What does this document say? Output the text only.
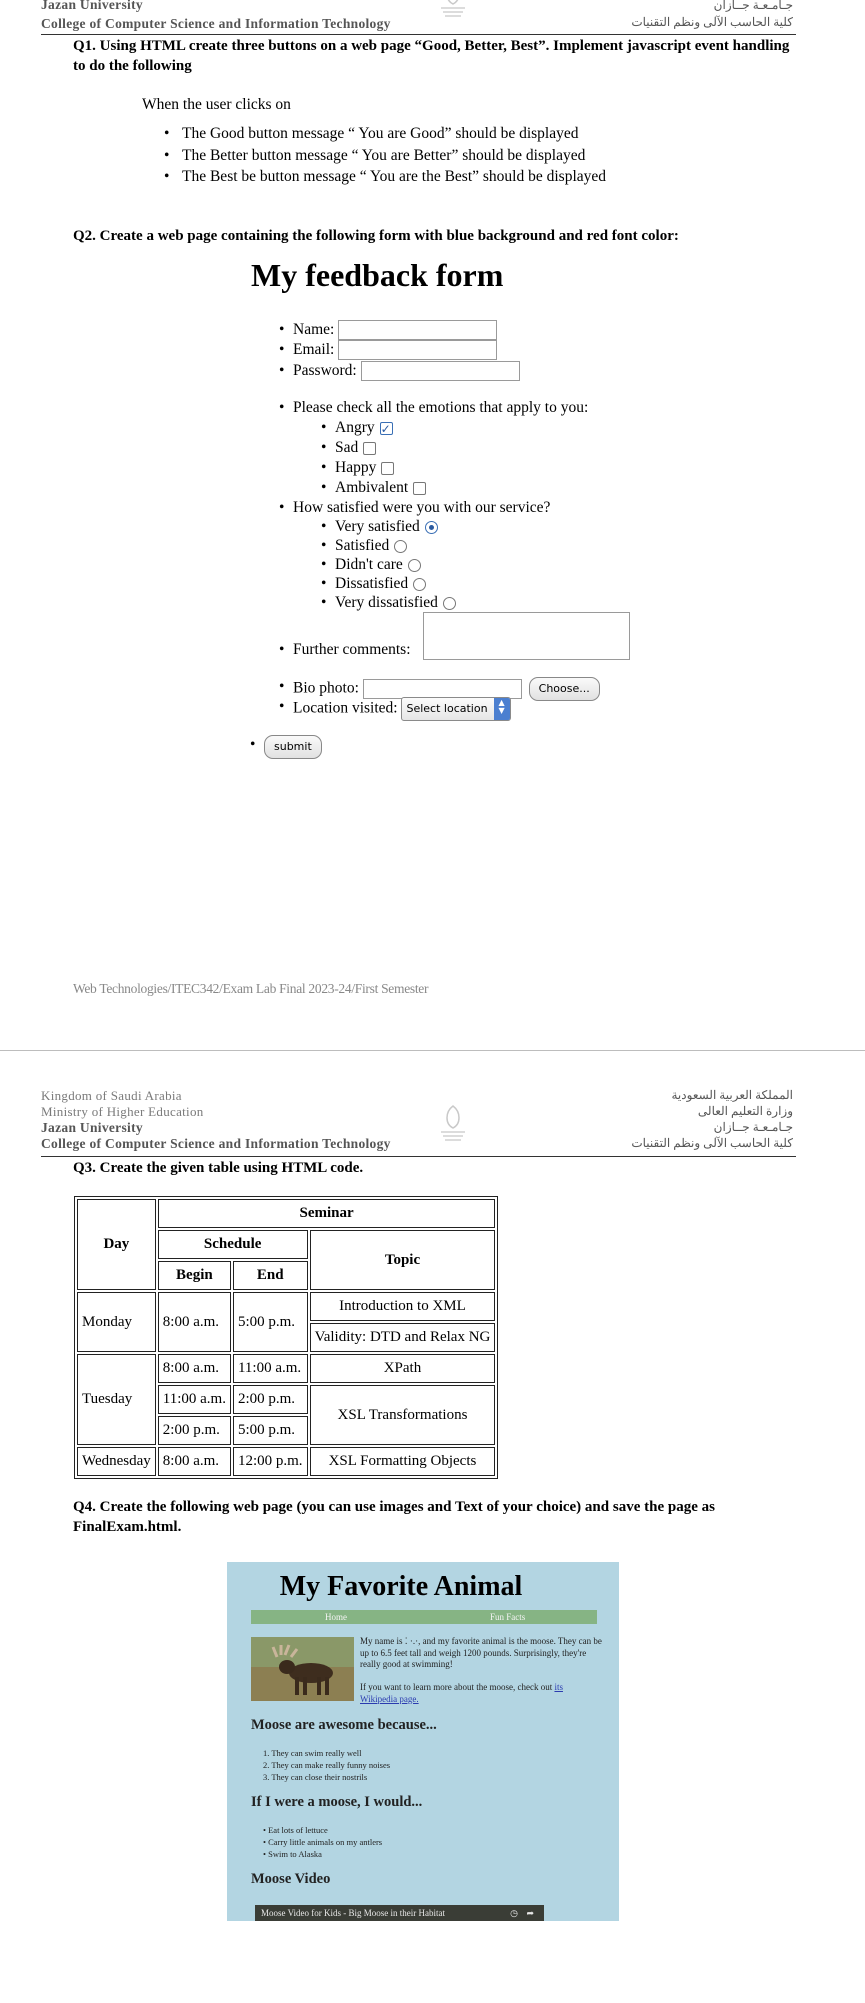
Jazan University
College of Computer Science and Information Technology
جـامـعـة جــازان
كلية الحاسب الآلى ونظم التقنيات
Q1. Using HTML create three buttons on a web page “Good, Better, Best”. Implement javascript event handling to do the following
When the user clicks on
• The Good button message “ You are Good” should be displayed
• The Better button message “ You are Better” should be displayed
• The Best be button message “ You are the Best” should be displayed
Q2. Create a web page containing the following form with blue background and red font color:
My feedback form
• Name:
• Email:
• Password:
• Please check all the emotions that apply to you:
• Angry✓
• Sad
• Happy
• Ambivalent
• How satisfied were you with our service?
• Very satisfied
• Satisfied
• Didn't care
• Dissatisfied
• Very dissatisfied
• Further comments:
• Bio photo:	Choose...
• Location visited: Select location	▲
▼
• submit
Web Technologies/ITEC342/Exam Lab Final 2023-24/First Semester
Kingdom of Saudi Arabia
Ministry of Higher Education
Jazan University
College of Computer Science and Information Technology
المملكة العربية السعودية
وزارة التعليم العالى
جـامـعـة جــازان
كلية الحاسب الآلى ونظم التقنيات
Q3. Create the given table using HTML code.
Day	Seminar		
	Schedule		Topic
	Begin	End	
Monday	8:00 a.m.	5:00 p.m.	Introduction to XML
			Validity: DTD and Relax NG
Tuesday	8:00 a.m.	11:00 a.m.	XPath
	11:00 a.m.	2:00 p.m.	XSL Transformations
	2:00 p.m.	5:00 p.m.	
Wednesday	8:00 a.m.	12:00 p.m.	XSL Formatting Objects
Q4. Create the following web page (you can use images and Text of your choice) and save the page as FinalExam.html.
My Favorite Animal
Home	Fun Facts
My name is ⁚ ·.·, and my favorite animal is the moose. They can be up to 6.5 feet tall and weigh 1200 pounds. Surprisingly, they're really good at swimming!
If you want to learn more about the moose, check out its Wikipedia page.
Moose are awesome because...
1. They can swim really well
2. They can make really funny noises
3. They can close their nostrils
If I were a moose, I would...
• Eat lots of lettuce
• Carry little animals on my antlers
• Swim to Alaska
Moose Video
Moose Video for Kids - Big Moose in their Habitat	◷ ➦
